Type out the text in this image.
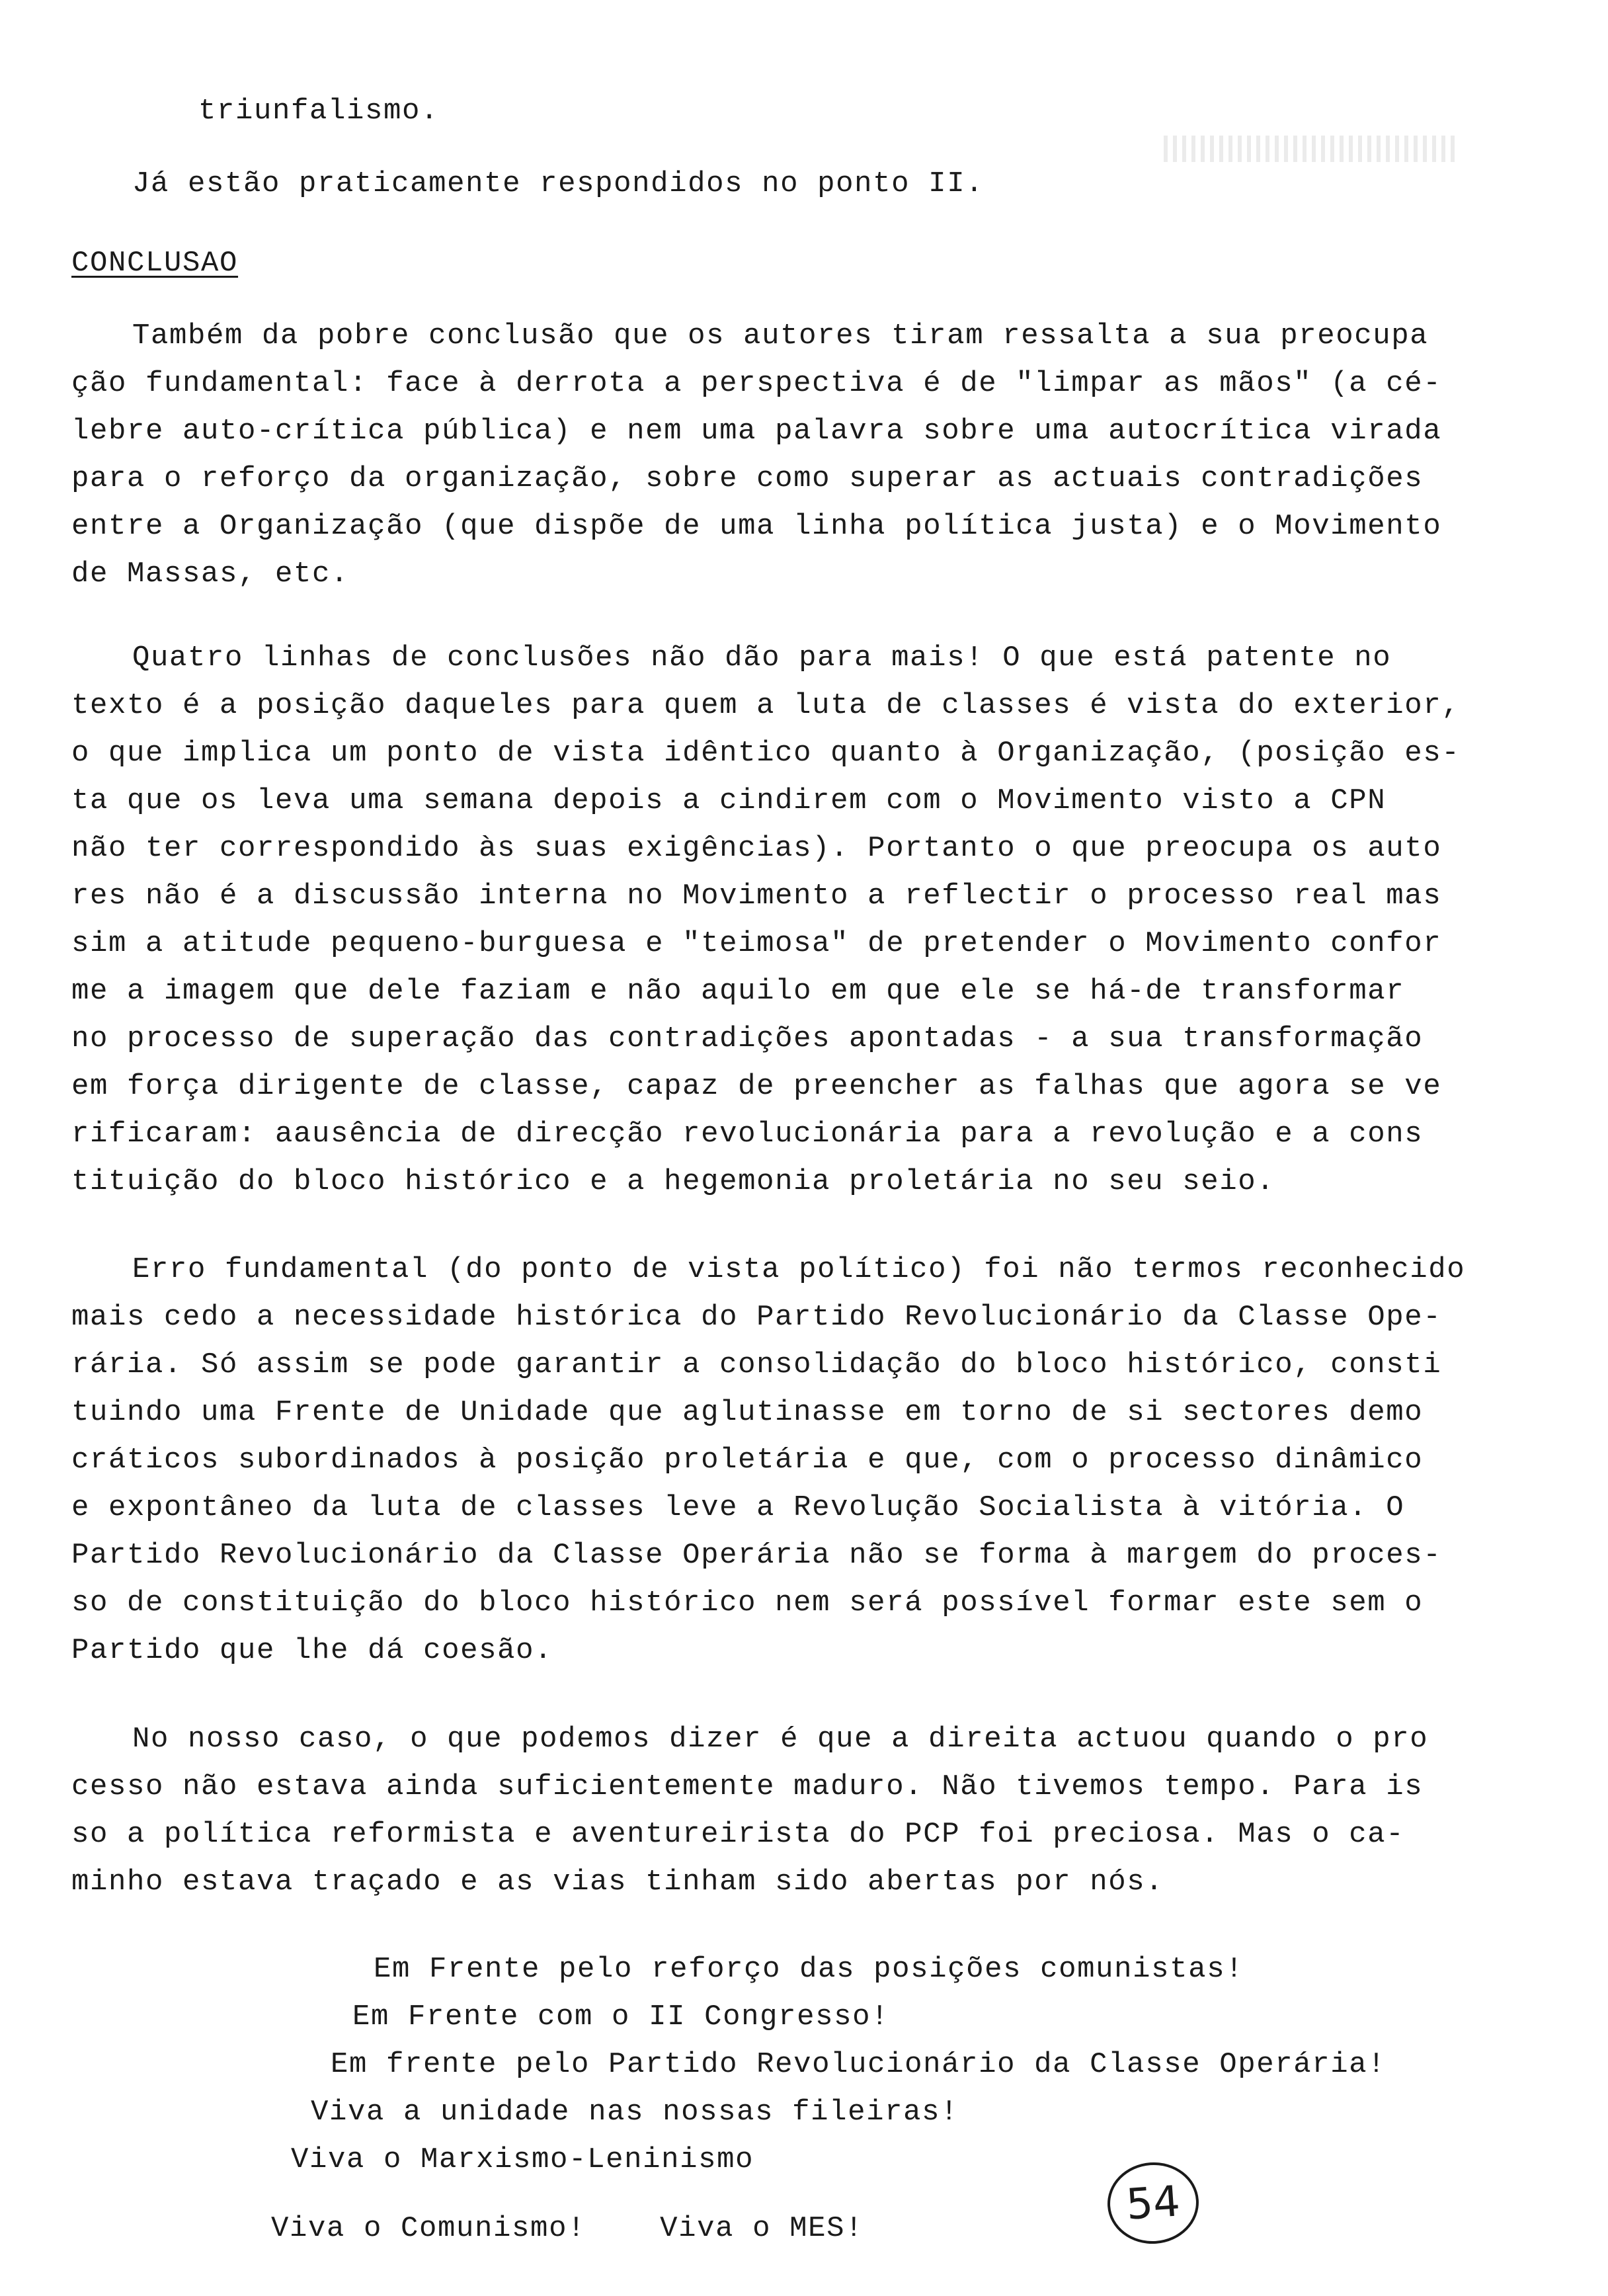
triunfalismo.
Já estão praticamente respondidos no ponto II.
CONCLUSAO
Também da pobre conclusão que os autores tiram ressalta a sua preocupa
ção fundamental: face à derrota a perspectiva é de "limpar as mãos" (a cé-
lebre auto-crítica pública) e nem uma palavra sobre uma autocrítica virada
para o reforço da organização, sobre como superar as actuais contradições
entre a Organização (que dispõe de uma linha política justa) e o Movimento
de Massas, etc.
Quatro linhas de conclusões não dão para mais! O que está patente no
texto é a posição daqueles para quem a luta de classes é vista do exterior,
o que implica um ponto de vista idêntico quanto à Organização, (posição es-
ta que os leva uma semana depois a cindirem com o Movimento visto a CPN
não ter correspondido às suas exigências). Portanto o que preocupa os auto
res não é a discussão interna no Movimento a reflectir o processo real mas
sim a atitude pequeno-burguesa e "teimosa" de pretender o Movimento confor
me a imagem que dele faziam e não aquilo em que ele se há-de transformar
no processo de superação das contradições apontadas - a sua transformação
em força dirigente de classe, capaz de preencher as falhas que agora se ve
rificaram: aausência de direcção revolucionária para a revolução e a cons
tituição do bloco histórico e a hegemonia proletária no seu seio.
Erro fundamental (do ponto de vista político) foi não termos reconhecido
mais cedo a necessidade histórica do Partido Revolucionário da Classe Ope-
rária. Só assim se pode garantir a consolidação do bloco histórico, consti
tuindo uma Frente de Unidade que aglutinasse em torno de si sectores demo
cráticos subordinados à posição proletária e que, com o processo dinâmico
e expontâneo da luta de classes leve a Revolução Socialista à vitória. O
Partido Revolucionário da Classe Operária não se forma à margem do proces-
so de constituição do bloco histórico nem será possível formar este sem o
Partido que lhe dá coesão.
No nosso caso, o que podemos dizer é que a direita actuou quando o pro
cesso não estava ainda suficientemente maduro. Não tivemos tempo. Para is
so a política reformista e aventureirista do PCP foi preciosa. Mas o ca-
minho estava traçado e as vias tinham sido abertas por nós.
Em Frente pelo reforço das posições comunistas!
Em Frente com o II Congresso!
Em frente pelo Partido Revolucionário da Classe Operária!
Viva a unidade nas nossas fileiras!
Viva o Marxismo-Leninismo
Viva o Comunismo!    Viva o MES!	54
